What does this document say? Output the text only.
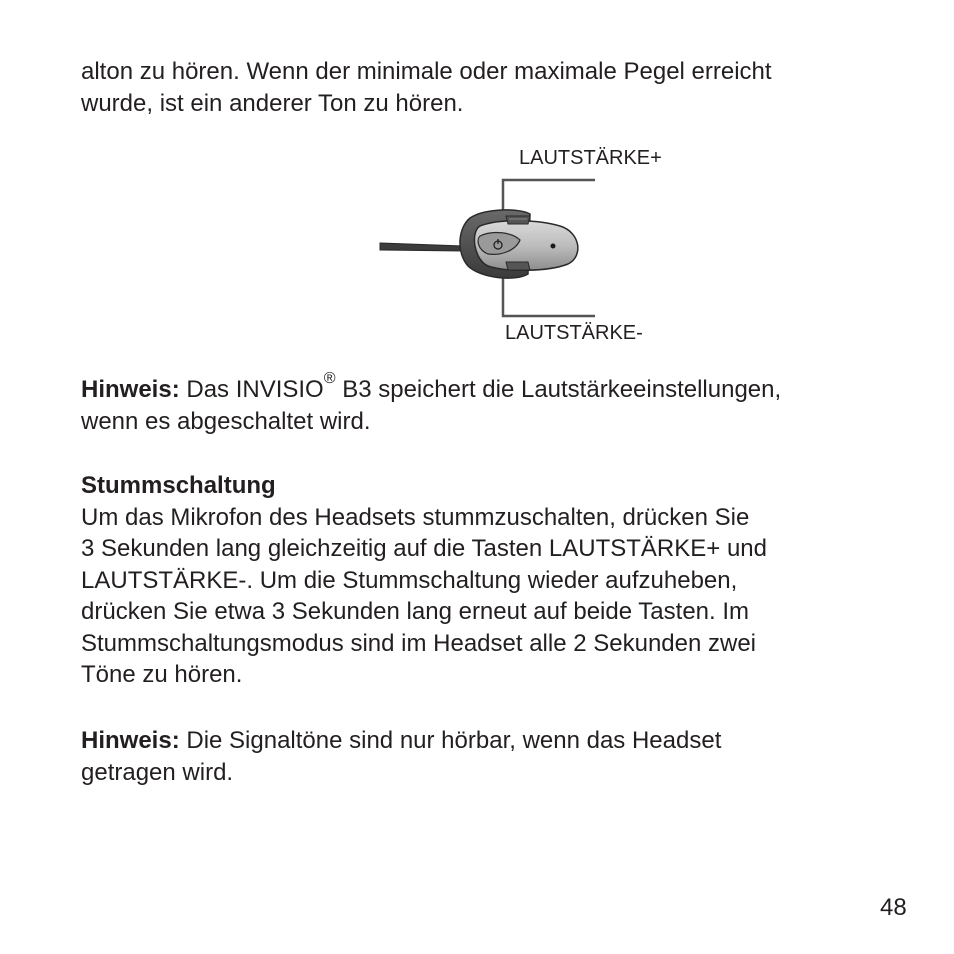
alton zu hören. Wenn der minimale oder maximale Pegel erreicht
wurde, ist ein anderer Ton zu hören.
LAUTSTÄRKE+
LAUTSTÄRKE-
Hinweis: Das INVISIO® B3 speichert die Lautstärkeeinstellungen,
wenn es abgeschaltet wird.
Stummschaltung
Um das Mikrofon des Headsets stummzuschalten, drücken Sie
3 Sekunden lang gleichzeitig auf die Tasten LAUTSTÄRKE+ und
LAUTSTÄRKE-. Um die Stummschaltung wieder aufzuheben,
drücken Sie etwa 3 Sekunden lang erneut auf beide Tasten. Im
Stummschaltungsmodus sind im Headset alle 2 Sekunden zwei
Töne zu hören.
Hinweis: Die Signaltöne sind nur hörbar, wenn das Headset
getragen wird.
48
